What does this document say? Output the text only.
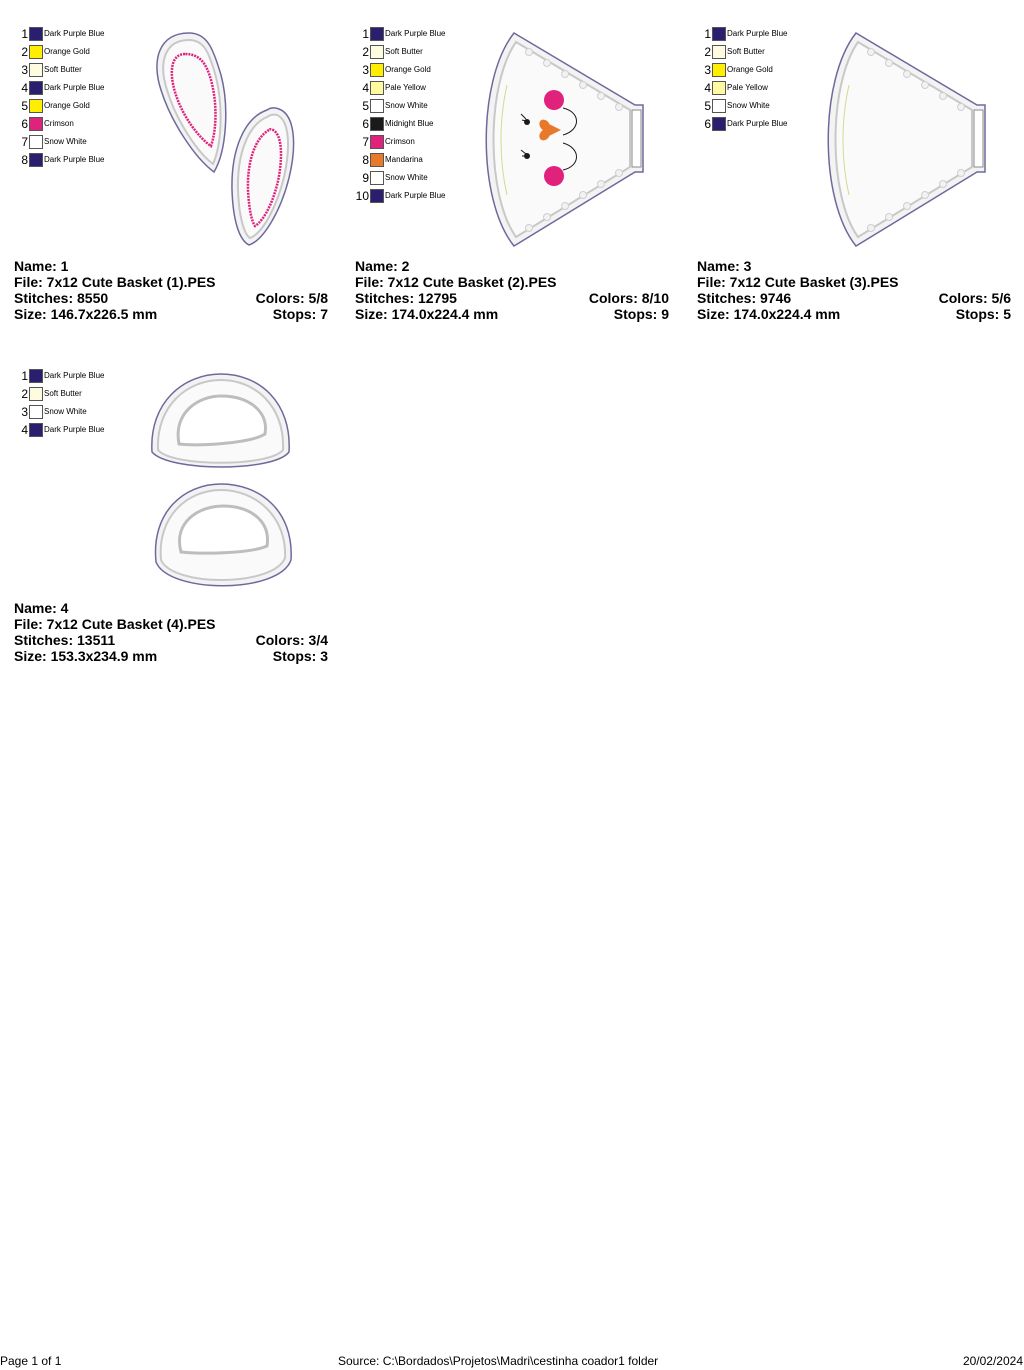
1 Dark Purple Blue
2 Orange Gold
3 Soft Butter
4 Dark Purple Blue
5 Orange Gold
6 Crimson
7 Snow White
8 Dark Purple Blue
Name: 1
File: 7x12 Cute Basket (1).PES
Stitches: 8550	Colors: 5/8
Size: 146.7x226.5 mm	Stops: 7
1 Dark Purple Blue
2 Soft Butter
3 Orange Gold
4 Pale Yellow
5 Snow White
6 Midnight Blue
7 Crimson
8 Mandarina
9 Snow White
10 Dark Purple Blue
Name: 2
File: 7x12 Cute Basket (2).PES
Stitches: 12795	Colors: 8/10
Size: 174.0x224.4 mm	Stops: 9
1 Dark Purple Blue
2 Soft Butter
3 Orange Gold
4 Pale Yellow
5 Snow White
6 Dark Purple Blue
Name: 3
File: 7x12 Cute Basket (3).PES
Stitches: 9746	Colors: 5/6
Size: 174.0x224.4 mm	Stops: 5
1 Dark Purple Blue
2 Soft Butter
3 Snow White
4 Dark Purple Blue
Name: 4
File: 7x12 Cute Basket (4).PES
Stitches: 13511	Colors: 3/4
Size: 153.3x234.9 mm	Stops: 3
Page 1 of 1	Source: C:\Bordados\Projetos\Madri\cestinha coador1 folder	20/02/2024
